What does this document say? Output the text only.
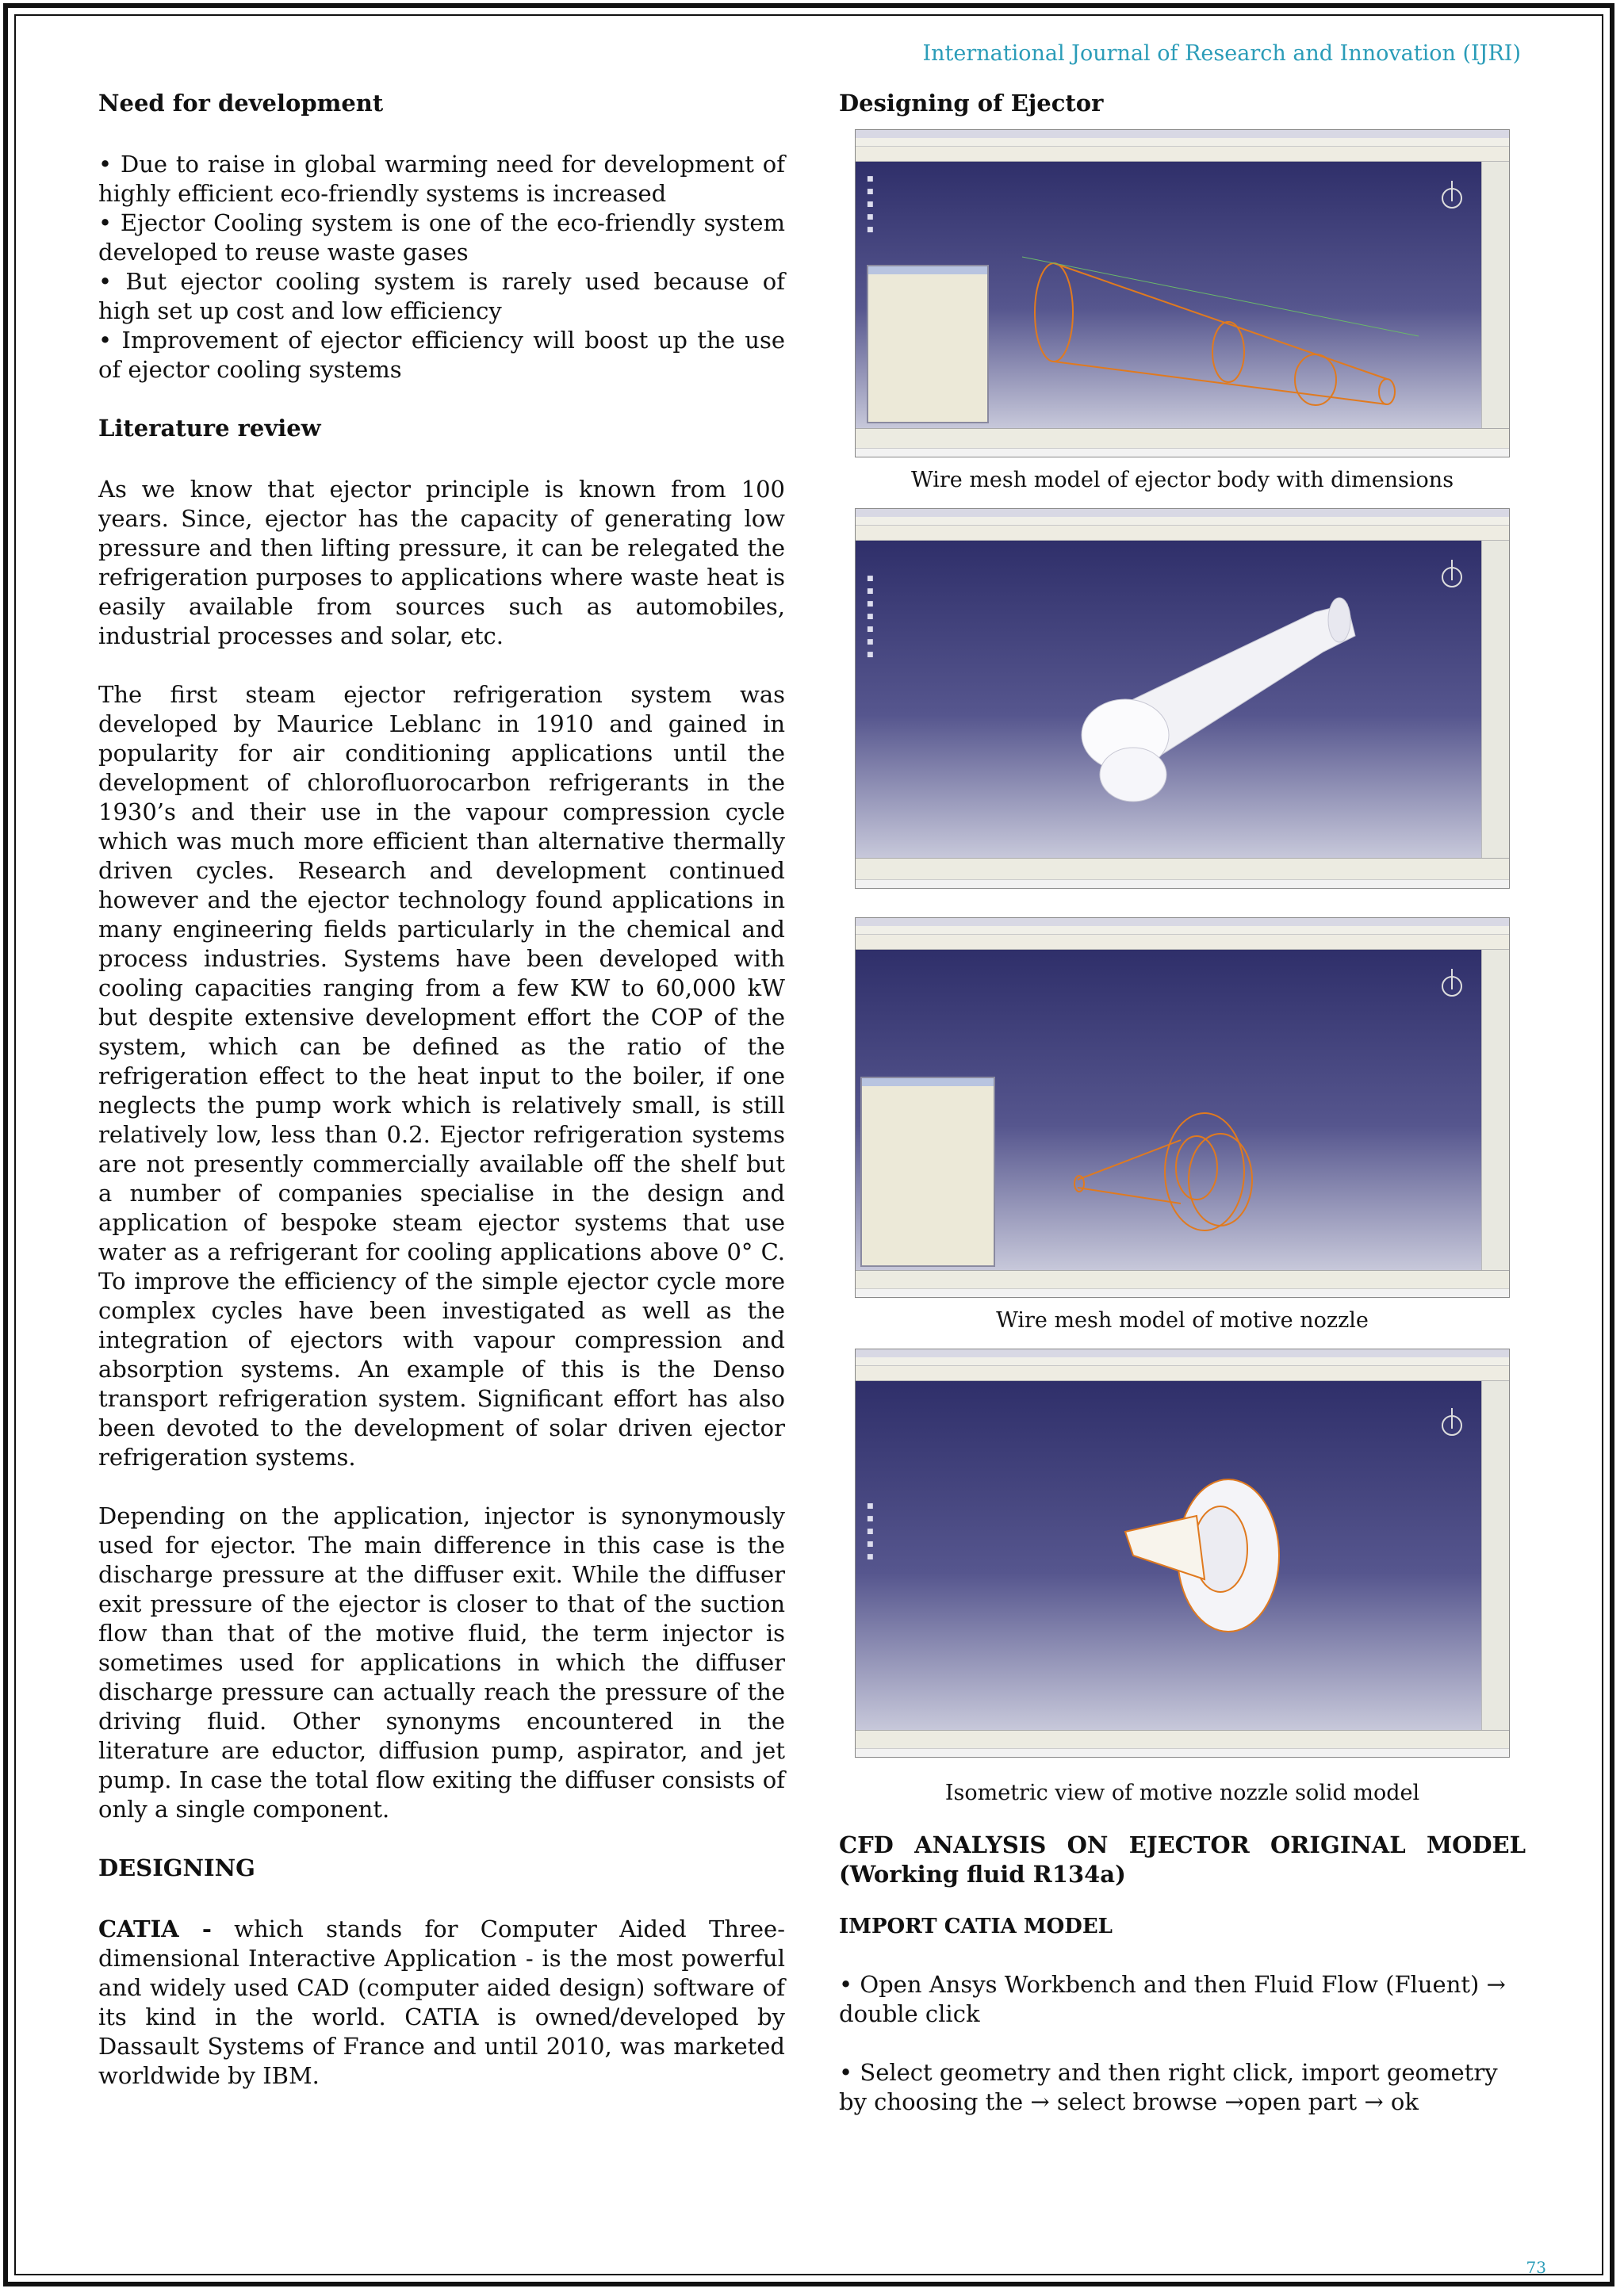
International Journal of Research and Innovation (IJRI)
Need for development
• Due to raise in global warming need for development of highly efficient eco-friendly systems is increased
• Ejector Cooling system is one of the eco-friendly system developed to reuse waste gases
• But ejector cooling system is rarely used because of high set up cost and low efficiency
• Improvement of ejector efficiency will boost up the use of ejector cooling systems
Literature review

As we know that ejector principle is known from 100 years. Since, ejector has the capacity of generating low pressure and then lifting pressure, it can be relegated the refrigeration purposes to applications where waste heat is easily available from sources such as automobiles, industrial processes and solar, etc.

The first steam ejector refrigeration system was developed by Maurice Leblanc in 1910 and gained in popularity for air conditioning applications until the development of chlorofluorocarbon refrigerants in the 1930’s and their use in the vapour compression cycle which was much more efficient than alternative thermally driven cycles. Research and development continued however and the ejector technology found applications in many engineering fields particularly in the chemical and process industries. Systems have been developed with cooling capacities ranging from a few KW to 60,000 kW but despite extensive development effort the COP of the system, which can be defined as the ratio of the refrigeration effect to the heat input to the boiler, if one neglects the pump work which is relatively small, is still relatively low, less than 0.2. Ejector refrigeration systems are not presently commercially available off the shelf but a number of companies specialise in the design and application of bespoke steam ejector systems that use water as a refrigerant for cooling applications above 0° C. To improve the efficiency of the simple ejector cycle more complex cycles have been investigated as well as the integration of ejectors with vapour compression and absorption systems. An example of this is the Denso transport refrigeration system. Significant effort has also been devoted to the development of solar driven ejector refrigeration systems.

Depending on the application, injector is synonymously used for ejector. The main difference in this case is the discharge pressure at the diffuser exit. While the diffuser exit pressure of the ejector is closer to that of the suction flow than that of the motive fluid, the term injector is sometimes used for applications in which the diffuser discharge pressure can actually reach the pressure of the driving fluid. Other synonyms encountered in the literature are eductor, diffusion pump, aspirator, and jet pump. In case the total flow exiting the diffuser consists of only a single component.

DESIGNING

CATIA - which stands for Computer Aided Three-dimensional Interactive Application - is the most powerful and widely used CAD (computer aided design) software of its kind in the world. CATIA is owned/developed by Dassault Systems of France and until 2010, was marketed worldwide by IBM.

Designing of Ejector
■
■
■
■
■
Wire mesh model of ejector body with dimensions
■
■
■
■
■
■
■
Wire mesh model of motive nozzle
■
■
■
■
■
Isometric view of motive nozzle solid model
CFD ANALYSIS ON EJECTOR ORIGINAL MODEL (Working fluid R134a)
IMPORT CATIA MODEL

• Open Ansys Workbench and then Fluid Flow (Fluent) → double click

• Select geometry and then right click, import geometry by choosing the → select browse →open part → ok

73
